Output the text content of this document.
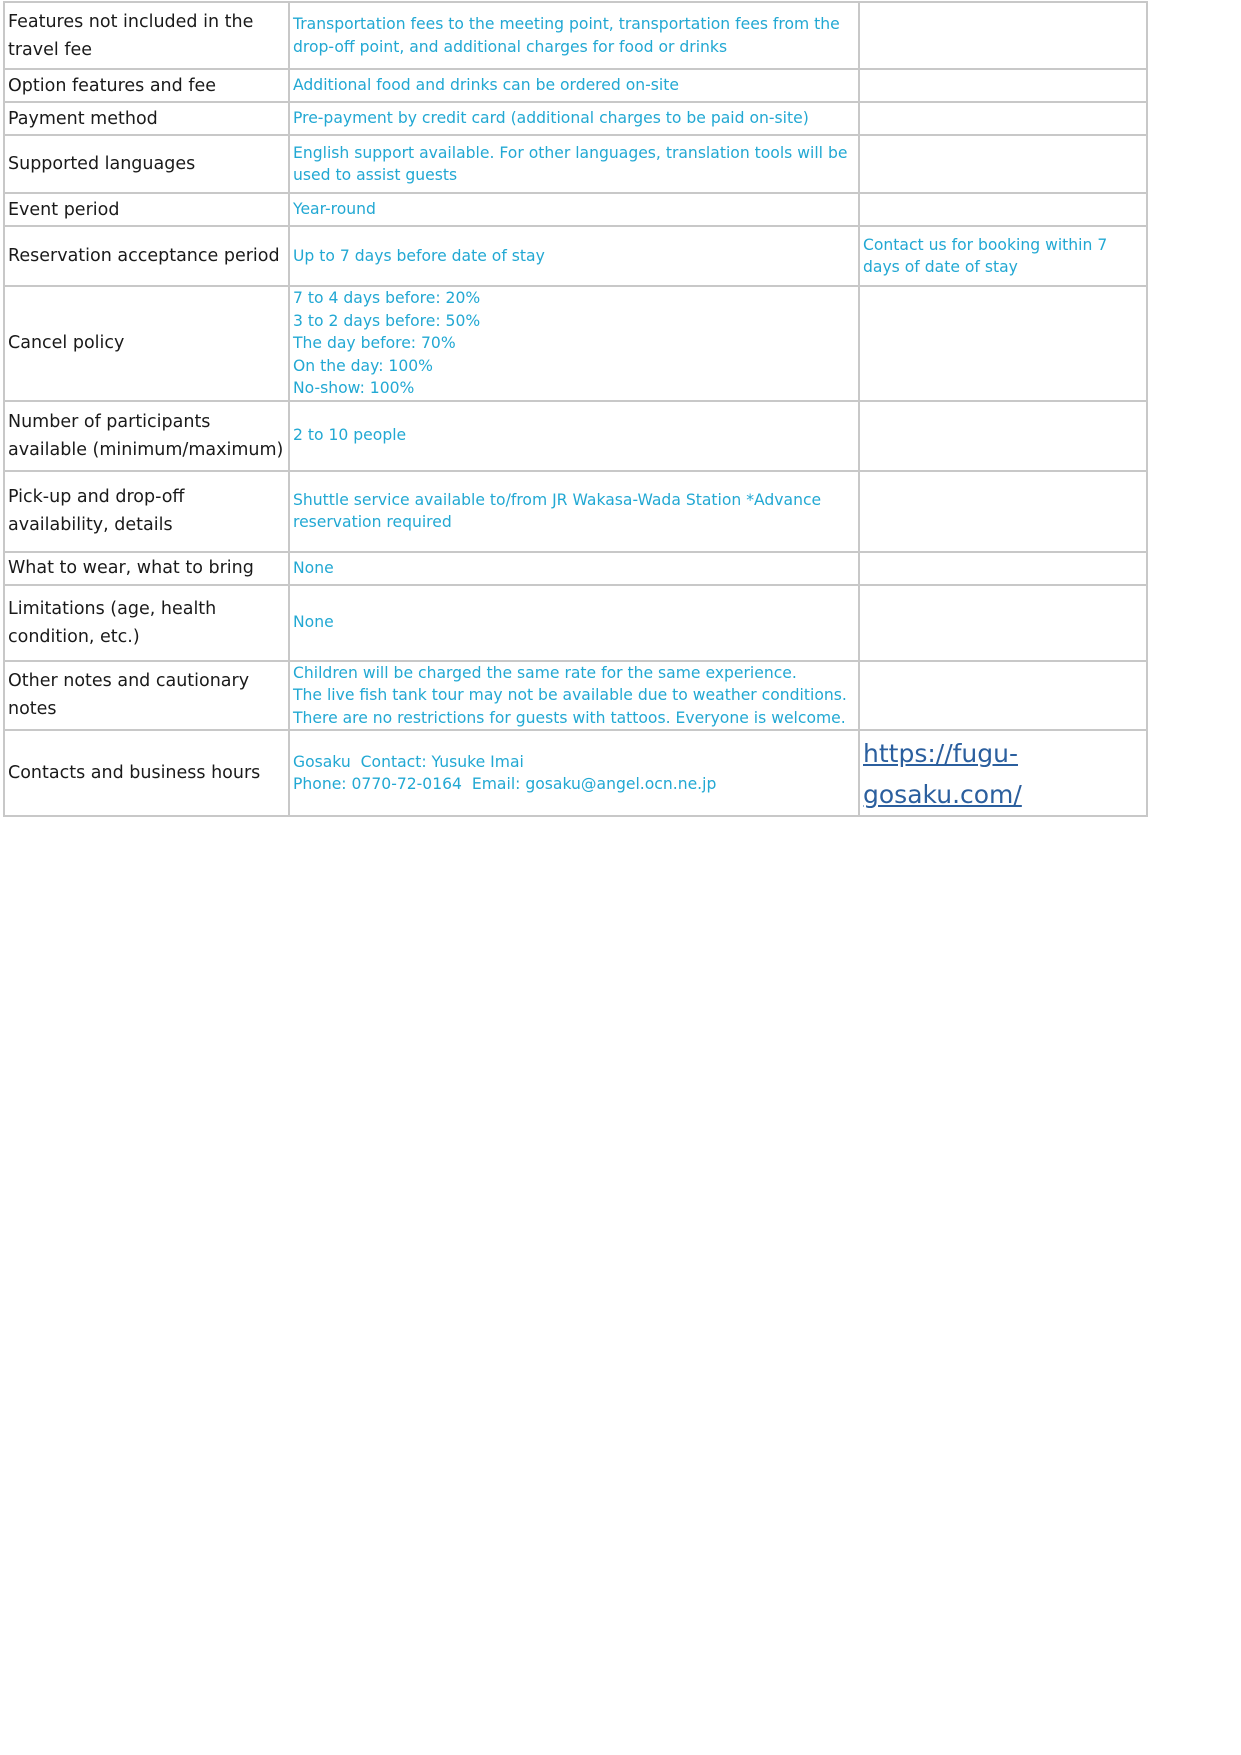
Features not included in the travel fee	Transportation fees to the meeting point, transportation fees from the drop-off point, and additional charges for food or drinks	
Option features and fee	Additional food and drinks can be ordered on-site	
Payment method	Pre-payment by credit card (additional charges to be paid on-site)	
Supported languages	English support available. For other languages, translation tools will be used to assist guests	
Event period	Year-round	
Reservation acceptance period	Up to 7 days before date of stay	Contact us for booking within 7 days of date of stay
Cancel policy	7 to 4 days before: 20%
3 to 2 days before: 50%
The day before: 70%
On the day: 100%
No-show: 100%	

Number of participants available (minimum/maximum)	2 to 10 people	
Pick-up and drop-off availability, details	Shuttle service available to/from JR Wakasa-Wada Station *Advance reservation required	
What to wear, what to bring	None	
Limitations (age, health condition, etc.)	None	
Other notes and cautionary notes	Children will be charged the same rate for the same experience.
The live fish tank tour may not be available due to weather conditions.
There are no restrictions for guests with tattoos. Everyone is welcome.	

Contacts and business hours	Gosaku  Contact: Yusuke Imai
Phone: 0770-72-0164  Email: gosaku@angel.ocn.ne.jp	https://fugu-gosaku.com/
